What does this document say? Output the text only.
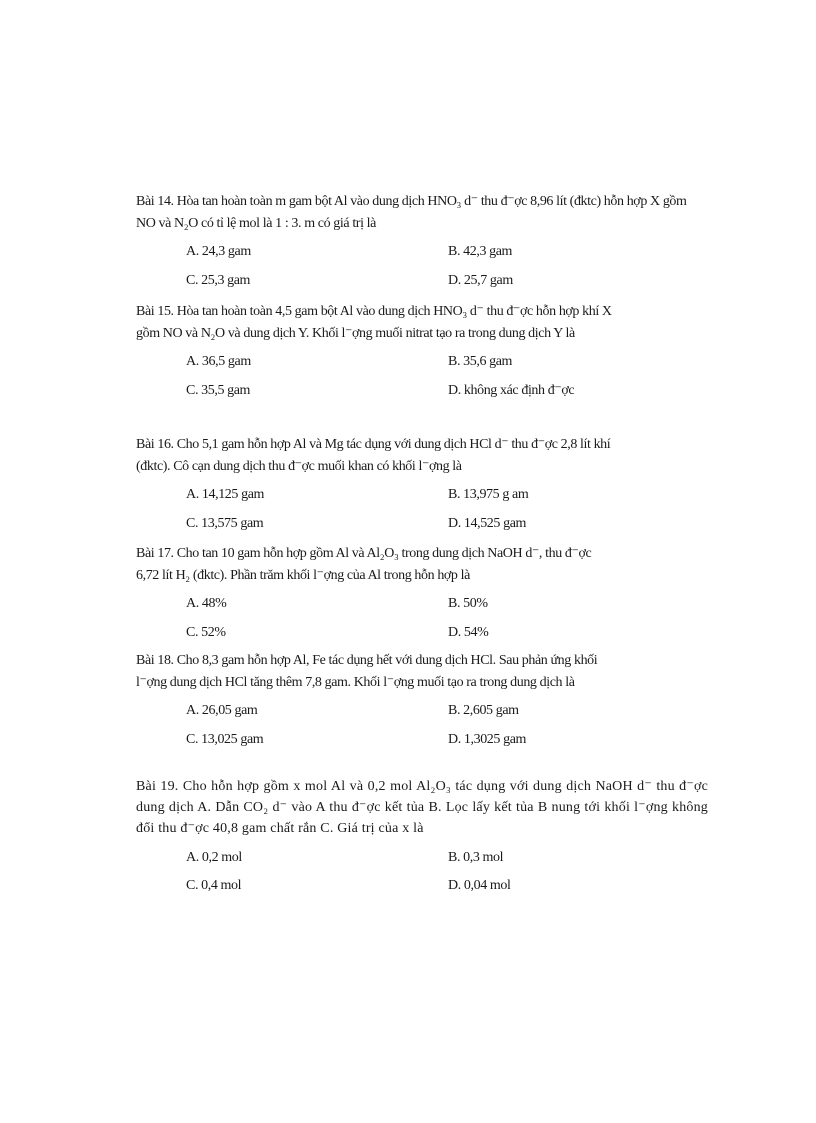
Bài 14. Hòa tan hoàn toàn m gam bột Al vào dung dịch HNO₃ d⁻ thu đ⁻ợc 8,96 lít (đktc) hỗn hợp X gồm NO và N₂O có tỉ lệ mol là 1 : 3. m có giá trị là

A. 24,3 gam	B. 42,3 gam
C. 25,3 gam	D. 25,7 gam

Bài 15. Hòa tan hoàn toàn 4,5 gam bột Al vào dung dịch HNO₃ d⁻ thu đ⁻ợc hỗn hợp khí X gồm NO và N₂O và dung dịch Y. Khối l⁻ợng muối nitrat tạo ra trong dung dịch Y là

A. 36,5 gam	B. 35,6 gam
C. 35,5 gam	D. không xác định đ⁻ợc

Bài 16. Cho 5,1 gam hỗn hợp Al và Mg tác dụng với dung dịch HCl d⁻ thu đ⁻ợc 2,8 lít khí (đktc). Cô cạn dung dịch thu đ⁻ợc muối khan có khối l⁻ợng là

A. 14,125 gam	B. 13,975 g am
C. 13,575 gam	D. 14,525 gam

Bài 17. Cho tan 10 gam hỗn hợp gồm Al và Al₂O₃ trong dung dịch NaOH d⁻, thu đ⁻ợc 6,72 lít H₂ (đktc). Phần trăm khối l⁻ợng của Al trong hỗn hợp là

A. 48%	B. 50%
C. 52%	D. 54%

Bài 18. Cho 8,3 gam hỗn hợp Al, Fe tác dụng hết với dung dịch HCl. Sau phản ứng khối l⁻ợng dung dịch HCl tăng thêm 7,8 gam. Khối l⁻ợng muối tạo ra trong dung dịch là

A. 26,05 gam	B. 2,605 gam
C. 13,025 gam	D. 1,3025 gam

Bài 19. Cho hỗn hợp gồm x mol Al và 0,2 mol Al₂O₃ tác dụng với dung dịch NaOH d⁻ thu đ⁻ợc dung dịch A. Dẫn CO₂ d⁻ vào A thu đ⁻ợc kết tủa B. Lọc lấy kết tủa B nung tới khối l⁻ợng không đổi thu đ⁻ợc 40,8 gam chất rắn C. Giá trị của x là

A. 0,2 mol	B. 0,3 mol
C. 0,4 mol	D. 0,04 mol
